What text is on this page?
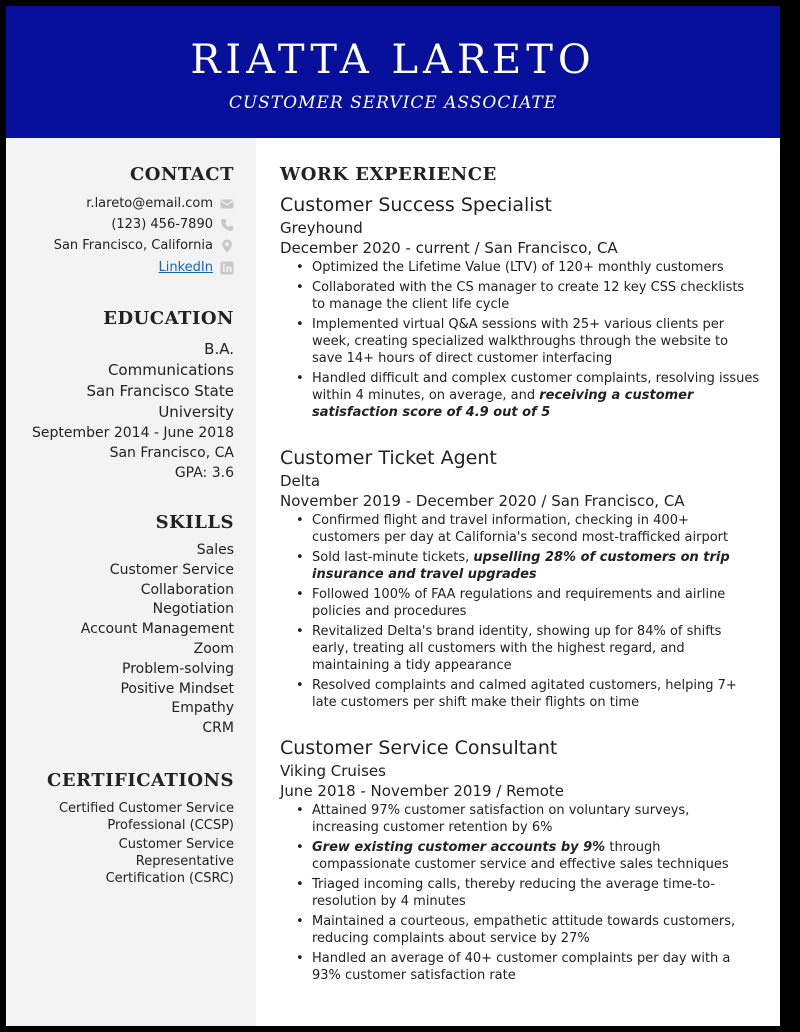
RIATTA LARETO
CUSTOMER SERVICE ASSOCIATE
CONTACT
r.lareto@email.com
(123) 456-7890
San Francisco, California
LinkedIn
EDUCATION
B.A.
Communications
San Francisco State
University
September 2014 - June 2018
San Francisco, CA
GPA: 3.6
SKILLS
Sales
Customer Service
Collaboration
Negotiation
Account Management
Zoom
Problem-solving
Positive Mindset
Empathy
CRM
CERTIFICATIONS
Certified Customer Service Professional (CCSP)
Customer Service Representative Certification (CSRC)
WORK EXPERIENCE
Customer Success Specialist
Greyhound
December 2020 - current / San Francisco, CA
• Optimized the Lifetime Value (LTV) of 120+ monthly customers
• Collaborated with the CS manager to create 12 key CSS checklists to manage the client life cycle
• Implemented virtual Q&A sessions with 25+ various clients per week, creating specialized walkthroughs through the website to save 14+ hours of direct customer interfacing
• Handled difficult and complex customer complaints, resolving issues within 4 minutes, on average, and receiving a customer satisfaction score of 4.9 out of 5
Customer Ticket Agent
Delta
November 2019 - December 2020 / San Francisco, CA
• Confirmed flight and travel information, checking in 400+ customers per day at California's second most-trafficked airport
• Sold last-minute tickets, upselling 28% of customers on trip insurance and travel upgrades
• Followed 100% of FAA regulations and requirements and airline policies and procedures
• Revitalized Delta's brand identity, showing up for 84% of shifts early, treating all customers with the highest regard, and maintaining a tidy appearance
• Resolved complaints and calmed agitated customers, helping 7+ late customers per shift make their flights on time
Customer Service Consultant
Viking Cruises
June 2018 - November 2019 / Remote
• Attained 97% customer satisfaction on voluntary surveys, increasing customer retention by 6%
• Grew existing customer accounts by 9% through compassionate customer service and effective sales techniques
• Triaged incoming calls, thereby reducing the average time-to-resolution by 4 minutes
• Maintained a courteous, empathetic attitude towards customers, reducing complaints about service by 27%
• Handled an average of 40+ customer complaints per day with a 93% customer satisfaction rate
